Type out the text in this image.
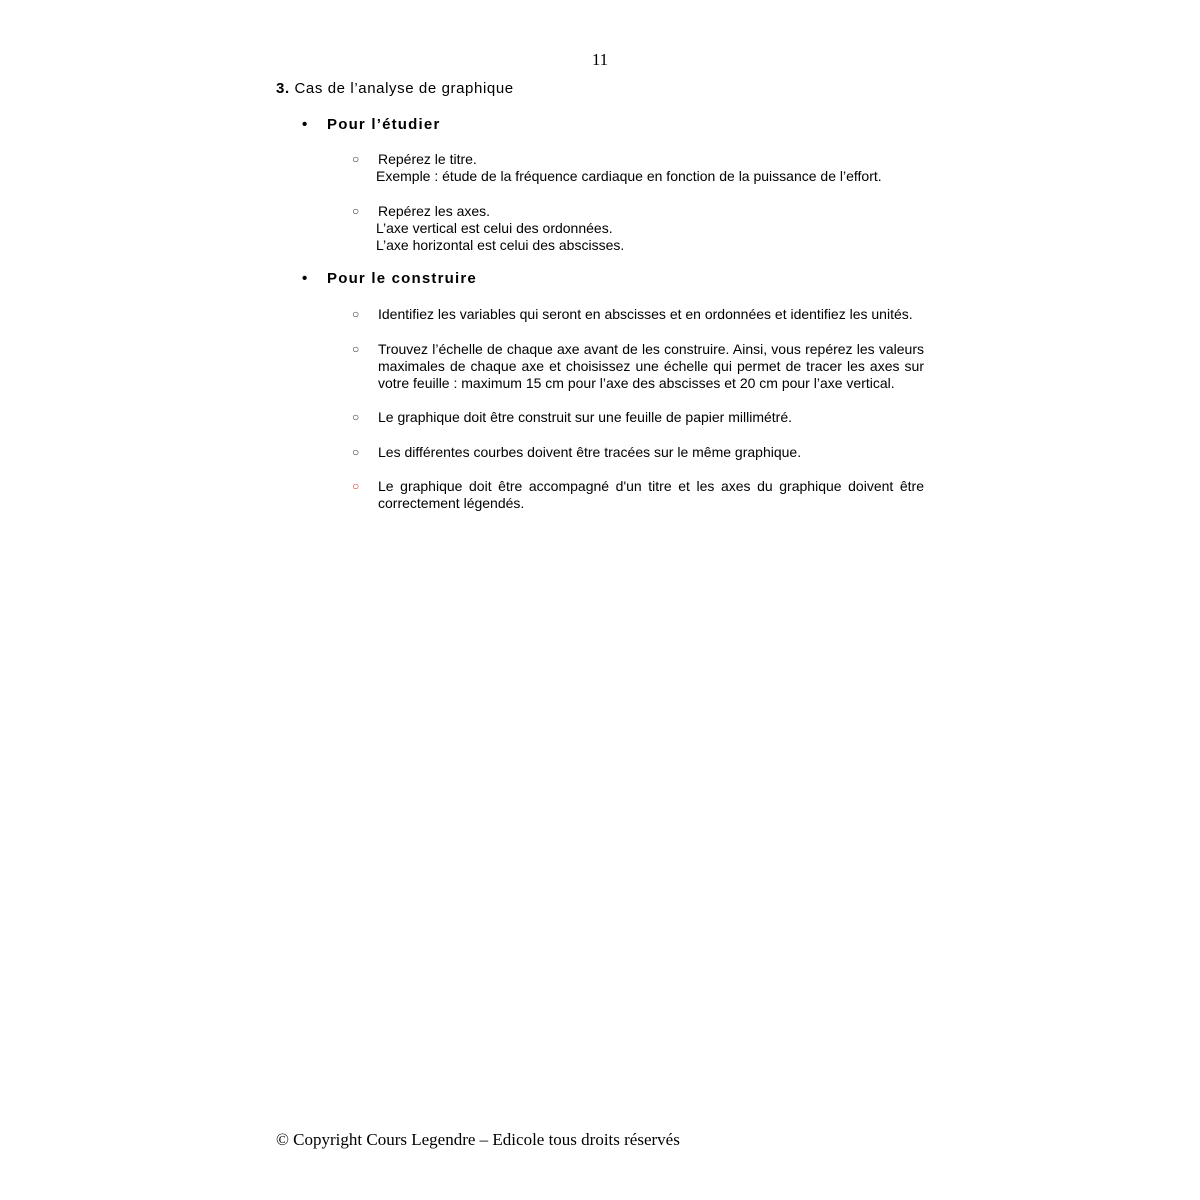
11
3. Cas de l’analyse de graphique
• Pour l’étudier
○ Repérez le titre.
Exemple : étude de la fréquence cardiaque en fonction de la puissance de l’effort.
○ Repérez les axes.
L’axe vertical est celui des ordonnées.
L’axe horizontal est celui des abscisses.
• Pour le construire
○ Identifiez les variables qui seront en abscisses et en ordonnées et identifiez les unités.
○ Trouvez l’échelle de chaque axe avant de les construire. Ainsi, vous repérez les valeurs maximales de chaque axe et choisissez une échelle qui permet de tracer les axes sur votre feuille : maximum 15 cm pour l’axe des abscisses et 20 cm pour l’axe vertical.
○ Le graphique doit être construit sur une feuille de papier millimétré.
○ Les différentes courbes doivent être tracées sur le même graphique.
○ Le graphique doit être accompagné d'un titre et les axes du graphique doivent être correctement légendés.
© Copyright Cours Legendre – Edicole tous droits réservés
